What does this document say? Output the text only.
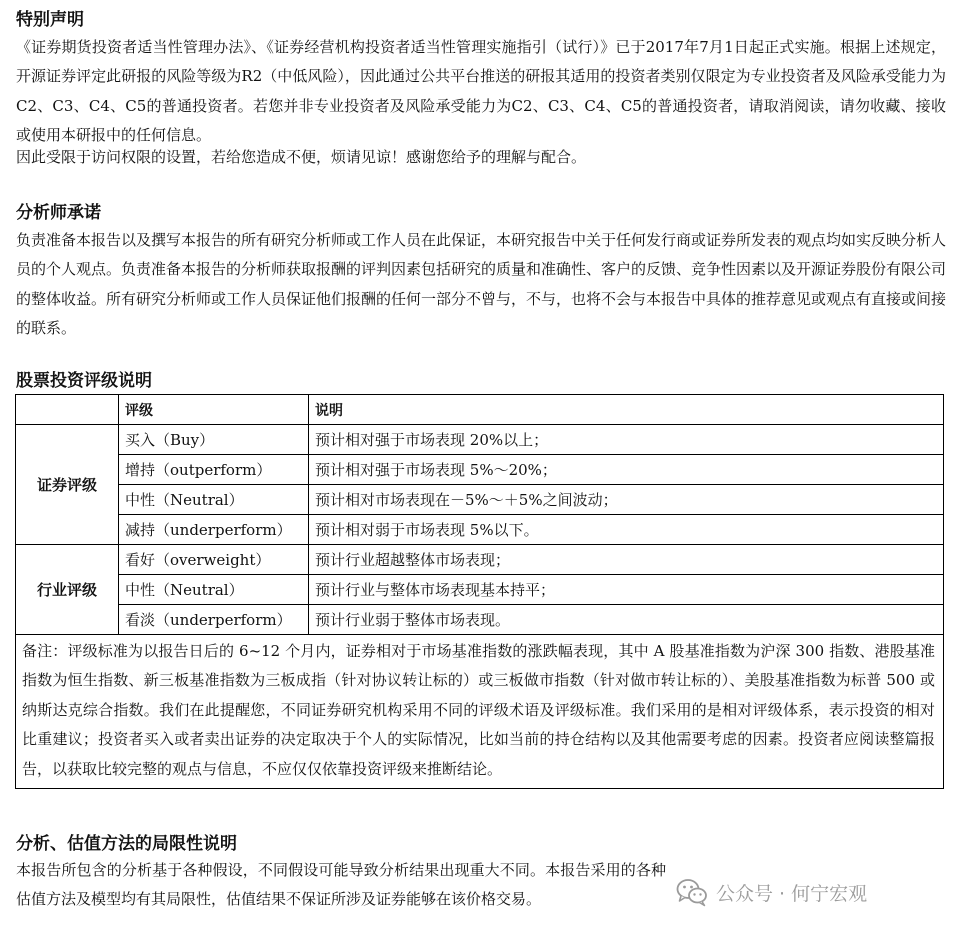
特别声明

《证券期货投资者适当性管理办法》、《证券经营机构投资者适当性管理实施指引（试行）》已于2017年7月1日起正式实施。根据上述规定，开源证券评定此研报的风险等级为R2（中低风险），因此通过公共平台推送的研报其适用的投资者类别仅限定为专业投资者及风险承受能力为C2、C3、C4、C5的普通投资者。若您并非专业投资者及风险承受能力为C2、C3、C4、C5的普通投资者，请取消阅读，请勿收藏、接收或使用本研报中的任何信息。

因此受限于访问权限的设置，若给您造成不便，烦请见谅！感谢您给予的理解与配合。

分析师承诺

负责准备本报告以及撰写本报告的所有研究分析师或工作人员在此保证，本研究报告中关于任何发行商或证券所发表的观点均如实反映分析人员的个人观点。负责准备本报告的分析师获取报酬的评判因素包括研究的质量和准确性、客户的反馈、竞争性因素以及开源证券股份有限公司的整体收益。所有研究分析师或工作人员保证他们报酬的任何一部分不曾与，不与，也将不会与本报告中具体的推荐意见或观点有直接或间接的联系。

股票投资评级说明
	评级	说明
证券评级	买入（Buy）	预计相对强于市场表现 20%以上；
	增持（outperform）	预计相对强于市场表现 5%～20%；
	中性（Neutral）	预计相对市场表现在－5%～＋5%之间波动；
	减持（underperform）	预计相对弱于市场表现 5%以下。
行业评级	看好（overweight）	预计行业超越整体市场表现；
	中性（Neutral）	预计行业与整体市场表现基本持平；
	看淡（underperform）	预计行业弱于整体市场表现。
备注：评级标准为以报告日后的 6~12 个月内，证券相对于市场基准指数的涨跌幅表现，其中 A 股基准指数为沪深 300 指数、港股基准指数为恒生指数、新三板基准指数为三板成指（针对协议转让标的）或三板做市指数（针对做市转让标的）、美股基准指数为标普 500 或纳斯达克综合指数。我们在此提醒您，不同证券研究机构采用不同的评级术语及评级标准。我们采用的是相对评级体系，表示投资的相对比重建议；投资者买入或者卖出证券的决定取决于个人的实际情况，比如当前的持仓结构以及其他需要考虑的因素。投资者应阅读整篇报告，以获取比较完整的观点与信息，不应仅仅依靠投资评级来推断结论。		
分析、估值方法的局限性说明

本报告所包含的分析基于各种假设，不同假设可能导致分析结果出现重大不同。本报告采用的各种估值方法及模型均有其局限性，估值结果不保证所涉及证券能够在该价格交易。	公众号 · 何宁宏观
